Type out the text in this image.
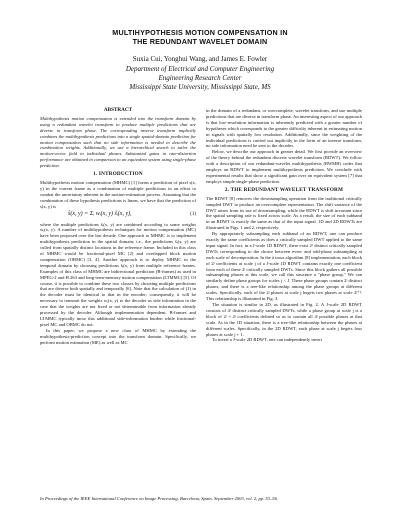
MULTIHYPOTHESIS MOTION COMPENSATION IN
THE REDUNDANT WAVELET DOMAIN
Suxia Cui, Yonghui Wang, and James E. Fowler
Department of Electrical and Computer Engineering
Engineering Research Center
Mississippi State University, Mississippi State, MS
ABSTRACT

Multihypothesis motion compensation is extended into the transform domain by using a redundant wavelet transform to produce multiple predictions that are diverse in transform phase. The corresponding inverse transform implicitly combines the multihypothesis predictions into a single spatial-domain prediction for motion compensation such that no side information is needed to describe the combination weights. Additionally, we use a hierarchical search to tailor the motion-vector field to individual phases. Substantial gains in rate-distortion performance are obtained in comparison to an equivalent system using single-phase prediction.

1. INTRODUCTION

Multihypothesis motion compensation (MHMC) [1] forms a prediction of pixel s(x, y) in the current frame as a combination of multiple predictions in an effort to combat the uncertainty inherent in the motion-estimation process. Assuming that the combination of these hypothesis predictions is linear, we have that the prediction of s(x, y) is

ŝ(x, y) = Σᵢ wᵢ(x, y) s̃ᵢ(x, y),	(1)

where the multiple predictions s̃ᵢ(x, y) are combined according to some weights wᵢ(x, y). A number of multihypothesis techniques for motion compensation (MC) have been proposed over the last decade. One approach to MHMC is to implement multihypothesis prediction in the spatial domain; i.e., the predictions s̃ᵢ(x, y) are culled from spatially distinct locations in the reference frame. Included in this class of MHMC would be fractional-pixel MC [2] and overlapped block motion compensation (OBMC) [3, 4]. Another approach is to deploy MHMC in the temporal domain by choosing predictions s̃ᵢ(x, y) from multiple reference frames. Examples of this class of MHMC are bidirectional prediction (B-frames) as used in MPEG-2 and H.263 and long-term-memory motion compensation (LTMMC) [5]. Of course, it is possible to combine these two classes by choosing multiple predictions that are diverse both spatially and temporally [6]. Note that the calculation of (1) in the decoder must be identical to that in the encoder; consequently, it will be necessary to transmit the weights wᵢ(x, y) to the decoder as side information in the case that the weights are not fixed or not determinable from information already processed by the decoder. Although implementation dependent, B-frames and LTMMC typically incur this additional side-information burden while fractional-pixel MC and OBMC do not.

In this paper, we propose a new class of MHMC by extending the multihypothesis-prediction concept into the transform domain. Specifically, we perform motion estimation (ME) as well as MC

in the domain of a redundant, or overcomplete, wavelet transform, and use multiple predictions that are diverse in transform phase. An interesting aspect of our approach is that low-resolution information is inherently predicted with a greater number of hypotheses which corresponds to the greater difficulty inherent in estimating motion in signals with spatially low resolution. Additionally, since the weighting of the individual predictions is carried out implicitly in the form of an inverse transform, no side information need be sent to the decoder.

Below, we describe our approach in greater detail. We first provide an overview of the theory behind the redundant discrete wavelet transform (RDWT). We follow with a description of our redundant-wavelet multihypothesis (RWMH) coder that employs an RDWT to implement multihypothesis prediction. We conclude with experimental results that show a significant gain over an equivalent system [7] that employs simple single-phase prediction.

2. THE REDUNDANT WAVELET TRANSFORM

The RDWT [8] removes the downsampling operation from the traditional critically sampled DWT to produce an overcomplete representation. The shift variance of the DWT arises from its use of downsampling, while the RDWT is shift invariant since the spatial sampling rate is fixed across scale. As a result, the size of each subband in an RDWT is exactly the same as that of the input signal. 1D and 2D RDWTs are illustrated in Figs. 1 and 2, respectively.

By appropriately subsampling each subband of an RDWT, one can produce exactly the same coefficients as does a critically sampled DWT applied to the same input signal. In fact, in a J-scale 1D RDWT, there exist 2ᴶ distinct critically sampled DWTs corresponding to the choice between even- and odd-phase subsampling at each scale of decomposition. In the à trous algorithm [8] implementation, each block of 2ʲ coefficients at scale j of a J-scale 1D RDWT contains exactly one coefficient from each of these 2ʲ critically sampled DWTs. Since this block gathers all possible subsampling phases at this scale, we call this structure a "phase group." We can similarly define phase groups for scales j < J. These phase groups contain 2ʲ distinct phases, and there is a tree-like relationship among the phase groups at different scales. Specifically, each of the 2ʲ phases at scale j begets two phases at scale 2ʲ⁺¹. This relationship is illustrated in Fig. 3.

The situation is similar in 2D, as illustrated in Fig. 2. A J-scale 2D RDWT consists of 4ᴶ distinct critically sampled DWTs, while a phase group at scale j is a block of 2ʲ × 2ʲ coefficients defined so as to contain all 4ʲ possible phases at that scale. As in the 1D situation, there is a tree-like relationship between the phases at different scales. Specifically, in the 2D RDWT, each phase at scale j begets four phases at scale j + 1.

To invert a J-scale 2D RDWT, one can independently invert

In Proceedings of the IEEE International Conference on Image Processing, Barcelona, Spain, September 2003, vol. 2, pp. 53–56.
